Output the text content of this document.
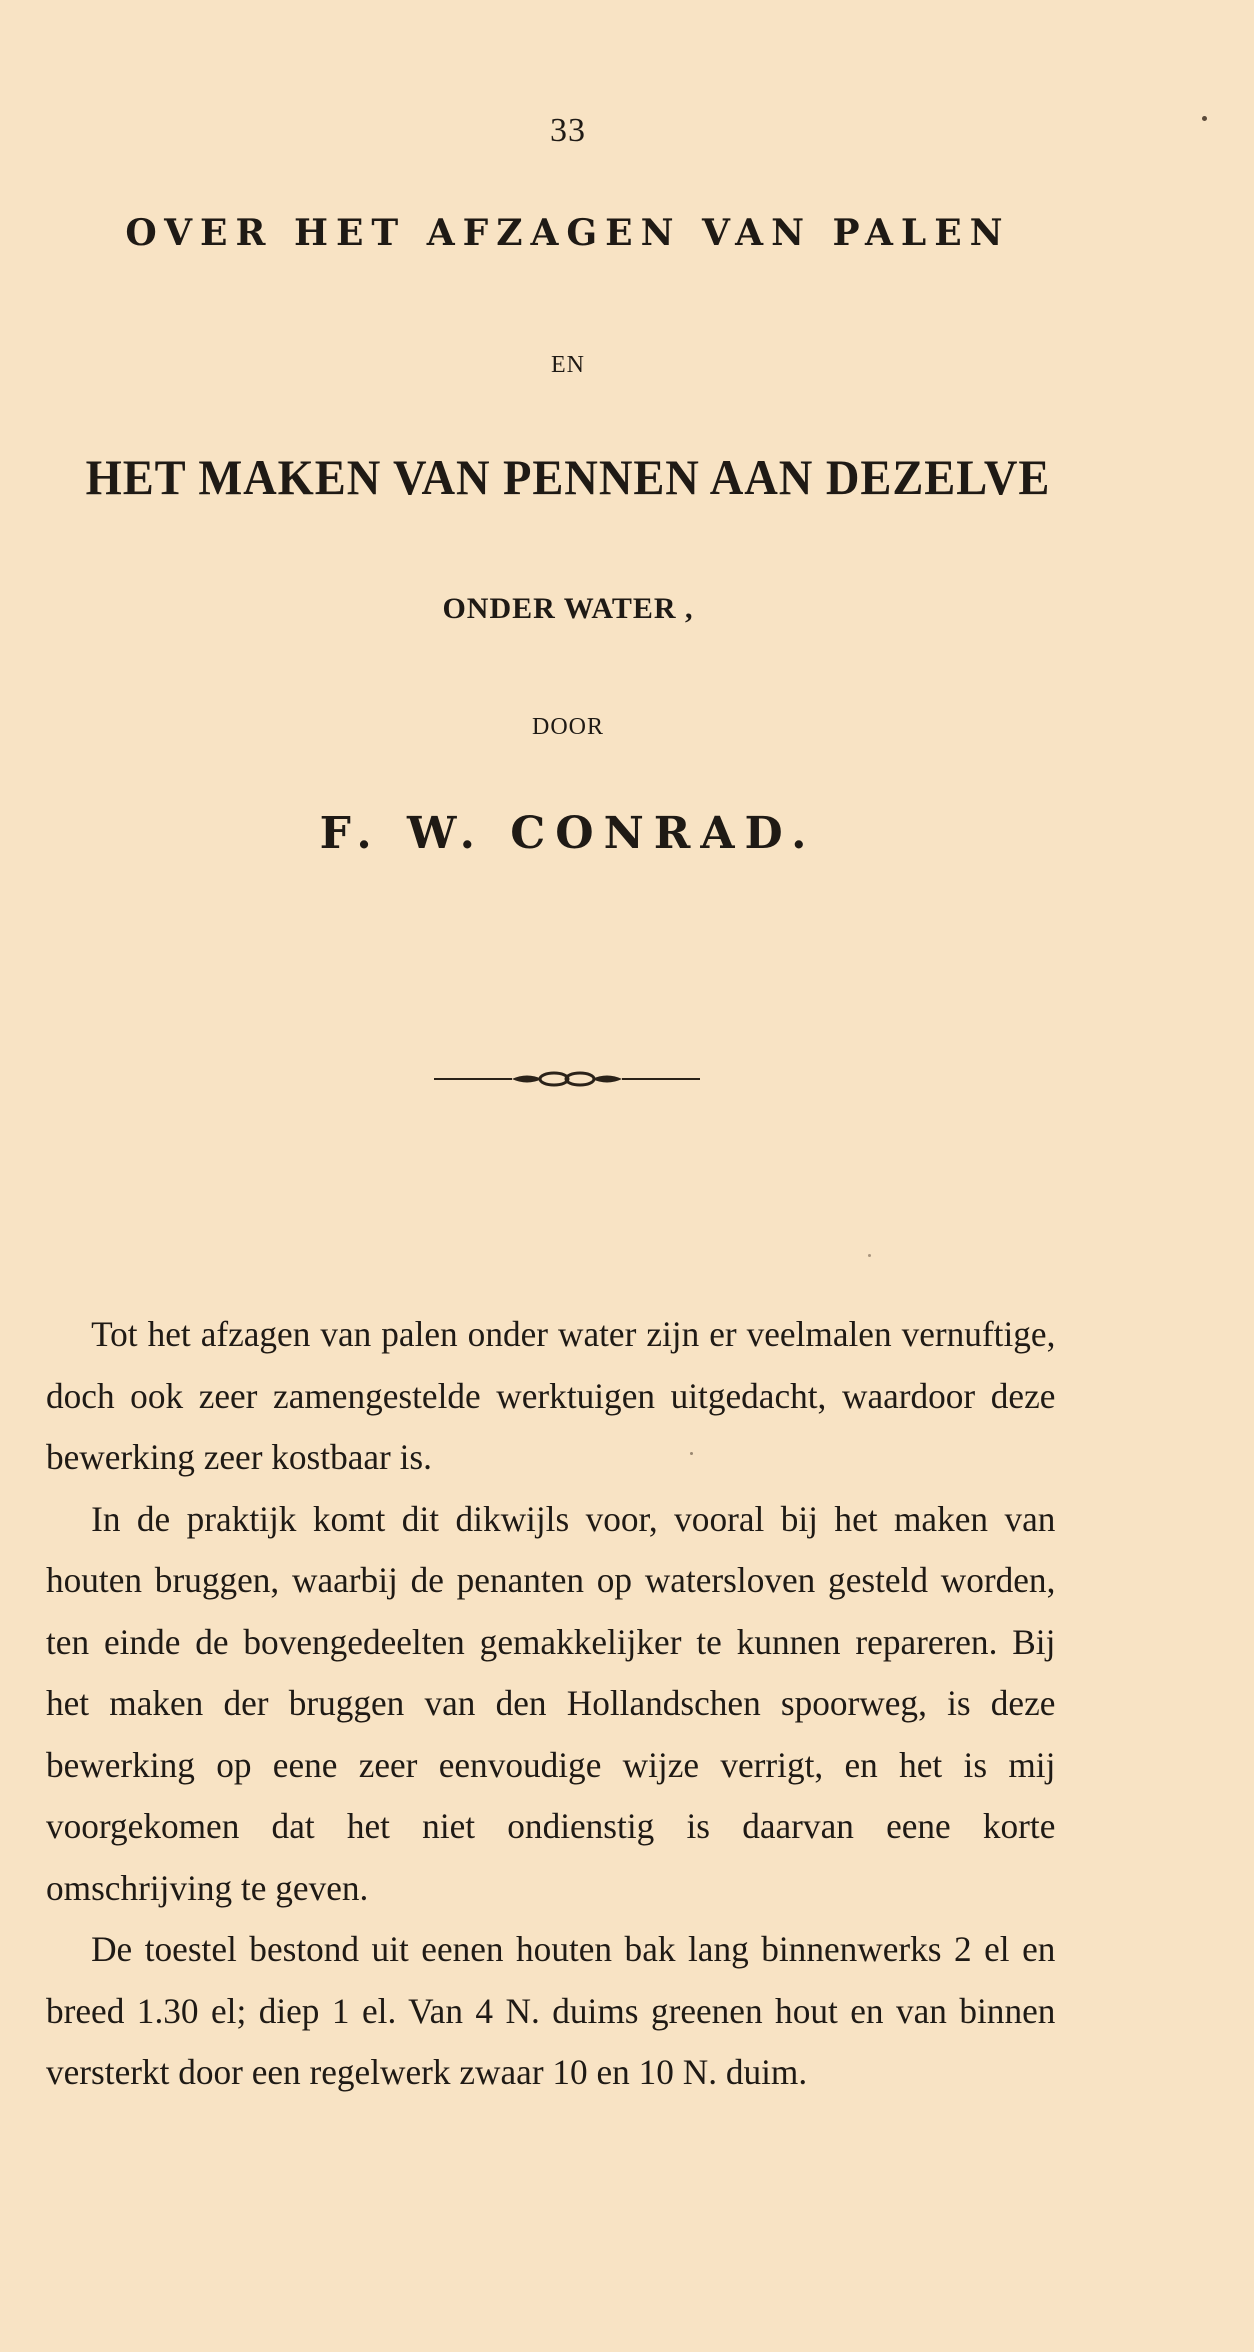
33
OVER HET AFZAGEN VAN PALEN
EN
HET MAKEN VAN PENNEN AAN DEZELVE
ONDER WATER ,
DOOR
F. W. CONRAD.

Tot het afzagen van palen onder water zijn er veelmalen vernuftige, doch ook zeer zamengestelde werktuigen uitgedacht, waardoor deze bewerking zeer kostbaar is.

In de praktijk komt dit dikwijls voor, vooral bij het maken van houten bruggen, waarbij de penanten op watersloven gesteld worden, ten einde de bovengedeelten gemakkelijker te kunnen repareren. Bij het maken der bruggen van den Hollandschen spoorweg, is deze bewerking op eene zeer eenvoudige wijze verrigt, en het is mij voorgekomen dat het niet ondienstig is daarvan eene korte omschrijving te geven.

De toestel bestond uit eenen houten bak lang binnenwerks 2 el en breed 1.30 el; diep 1 el. Van 4 N. duims greenen hout en van binnen versterkt door een regelwerk zwaar 10 en 10 N. duim.
